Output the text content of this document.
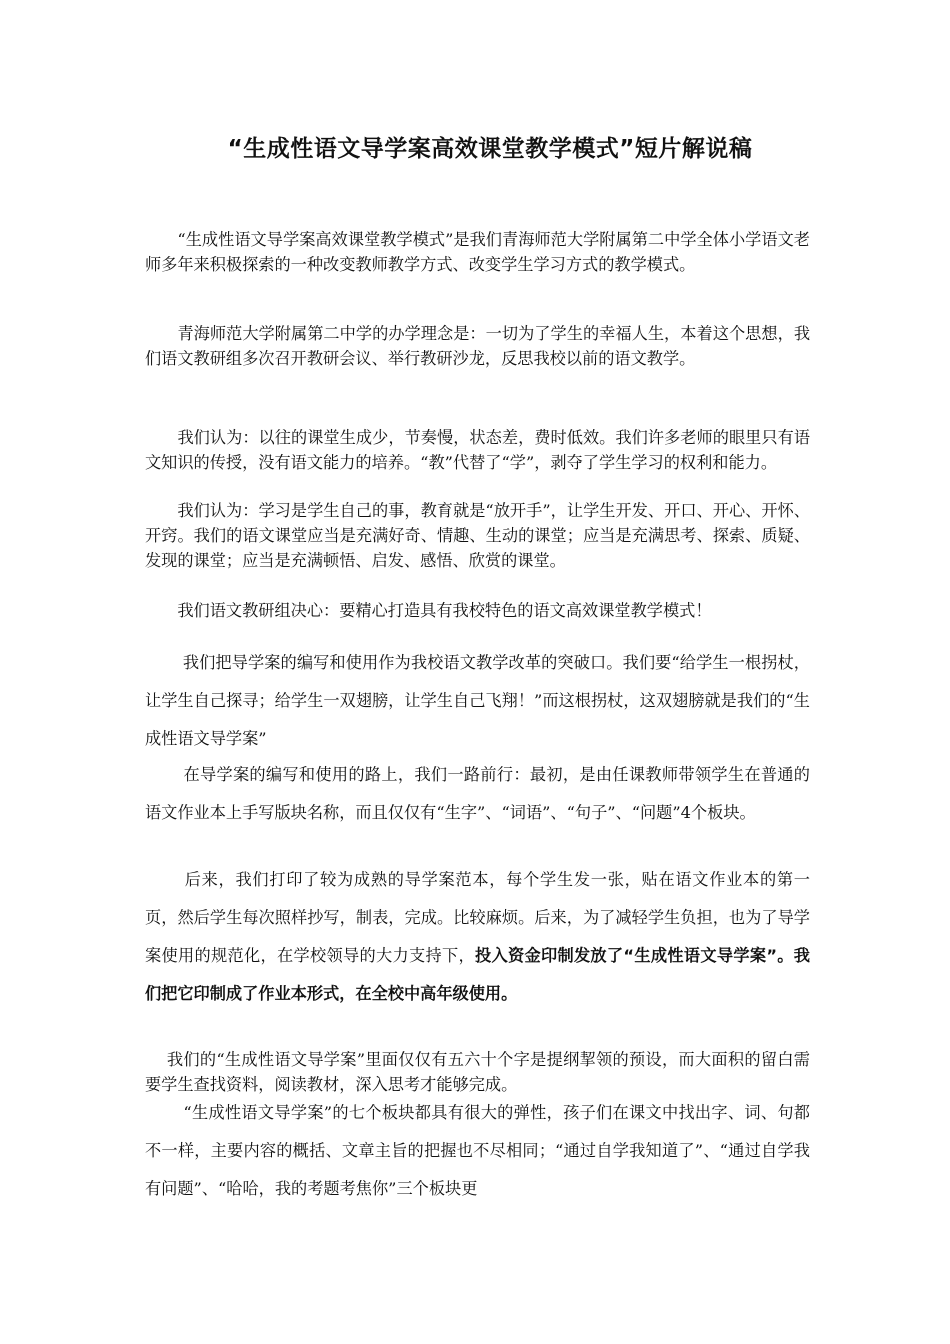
“生成性语文导学案高效课堂教学模式”短片解说稿

　　“生成性语文导学案高效课堂教学模式”是我们青海师范大学附属第二中学全体小学语文老师多年来积极探索的一种改变教师教学方式、改变学生学习方式的教学模式。

　　青海师范大学附属第二中学的办学理念是：一切为了学生的幸福人生，本着这个思想，我们语文教研组多次召开教研会议、举行教研沙龙，反思我校以前的语文教学。

　　我们认为：以往的课堂生成少，节奏慢，状态差，费时低效。我们许多老师的眼里只有语文知识的传授，没有语文能力的培养。“教”代替了“学”，剥夺了学生学习的权利和能力。

　　我们认为：学习是学生自己的事，教育就是“放开手”，让学生开发、开口、开心、开怀、开窍。我们的语文课堂应当是充满好奇、情趣、生动的课堂；应当是充满思考、探索、质疑、发现的课堂；应当是充满顿悟、启发、感悟、欣赏的课堂。

　　我们语文教研组决心：要精心打造具有我校特色的语文高效课堂教学模式！

　　 我们把导学案的编写和使用作为我校语文教学改革的突破口。我们要“给学生一根拐杖，让学生自己探寻；给学生一双翅膀，让学生自己飞翔！”而这根拐杖，这双翅膀就是我们的“生成性语文导学案”

　　 在导学案的编写和使用的路上，我们一路前行：最初，是由任课教师带领学生在普通的语文作业本上手写版块名称，而且仅仅有“生字”、“词语”、“句子”、“问题”4个板块。

　　 后来，我们打印了较为成熟的导学案范本，每个学生发一张，贴在语文作业本的第一页，然后学生每次照样抄写，制表，完成。比较麻烦。后来，为了减轻学生负担，也为了导学案使用的规范化，在学校领导的大力支持下，投入资金印制发放了“生成性语文导学案”。我们把它印制成了作业本形式，在全校中高年级使用。

　 我们的“生成性语文导学案”里面仅仅有五六十个字是提纲挈领的预设，而大面积的留白需要学生查找资料，阅读教材，深入思考才能够完成。

　　 “生成性语文导学案”的七个板块都具有很大的弹性，孩子们在课文中找出字、词、句都不一样，主要内容的概括、文章主旨的把握也不尽相同；“通过自学我知道了”、“通过自学我有问题”、“哈哈，我的考题考焦你”三个板块更
